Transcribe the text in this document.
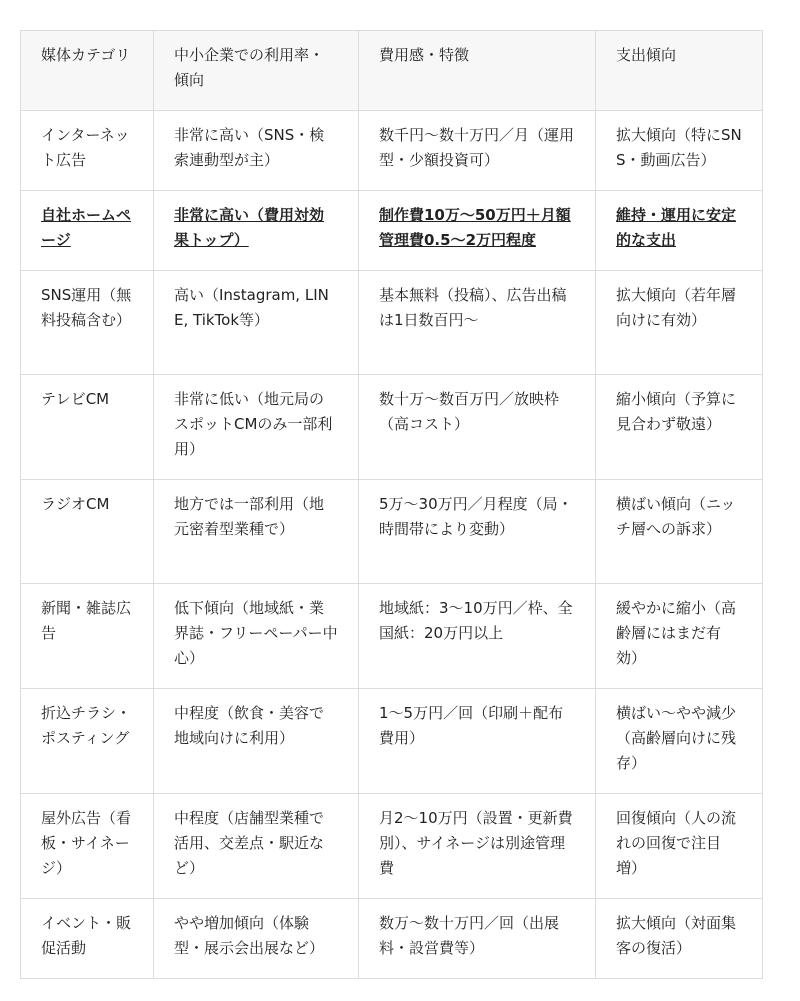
媒体カテゴリ	中小企業での利用率・傾向	費用感・特徴	支出傾向
インターネット広告	非常に高い（SNS・検索連動型が主）	数千円〜数十万円／月（運用型・少額投資可）	拡大傾向（特にSNS・動画広告）
自社ホームページ	非常に高い（費用対効果トップ）	制作費10万〜50万円＋月額管理費0.5〜2万円程度	維持・運用に安定的な支出
SNS運用（無料投稿含む）	高い（Instagram, LINE, TikTok等）	基本無料（投稿）、広告出稿は1日数百円〜	拡大傾向（若年層向けに有効）
テレビCM	非常に低い（地元局のスポットCMのみ一部利用）	数十万〜数百万円／放映枠（高コスト）	縮小傾向（予算に見合わず敬遠）
ラジオCM	地方では一部利用（地元密着型業種で）	5万〜30万円／月程度（局・時間帯により変動）	横ばい傾向（ニッチ層への訴求）
新聞・雑誌広告	低下傾向（地域紙・業界誌・フリーペーパー中心）	地域紙：3〜10万円／枠、全国紙：20万円以上	緩やかに縮小（高齢層にはまだ有効）
折込チラシ・ポスティング	中程度（飲食・美容で地域向けに利用）	1〜5万円／回（印刷＋配布費用）	横ばい〜やや減少（高齢層向けに残存）
屋外広告（看板・サイネージ）	中程度（店舗型業種で活用、交差点・駅近など）	月2〜10万円（設置・更新費別）、サイネージは別途管理費	回復傾向（人の流れの回復で注目増）
イベント・販促活動	やや増加傾向（体験型・展示会出展など）	数万〜数十万円／回（出展料・設営費等）	拡大傾向（対面集客の復活）
